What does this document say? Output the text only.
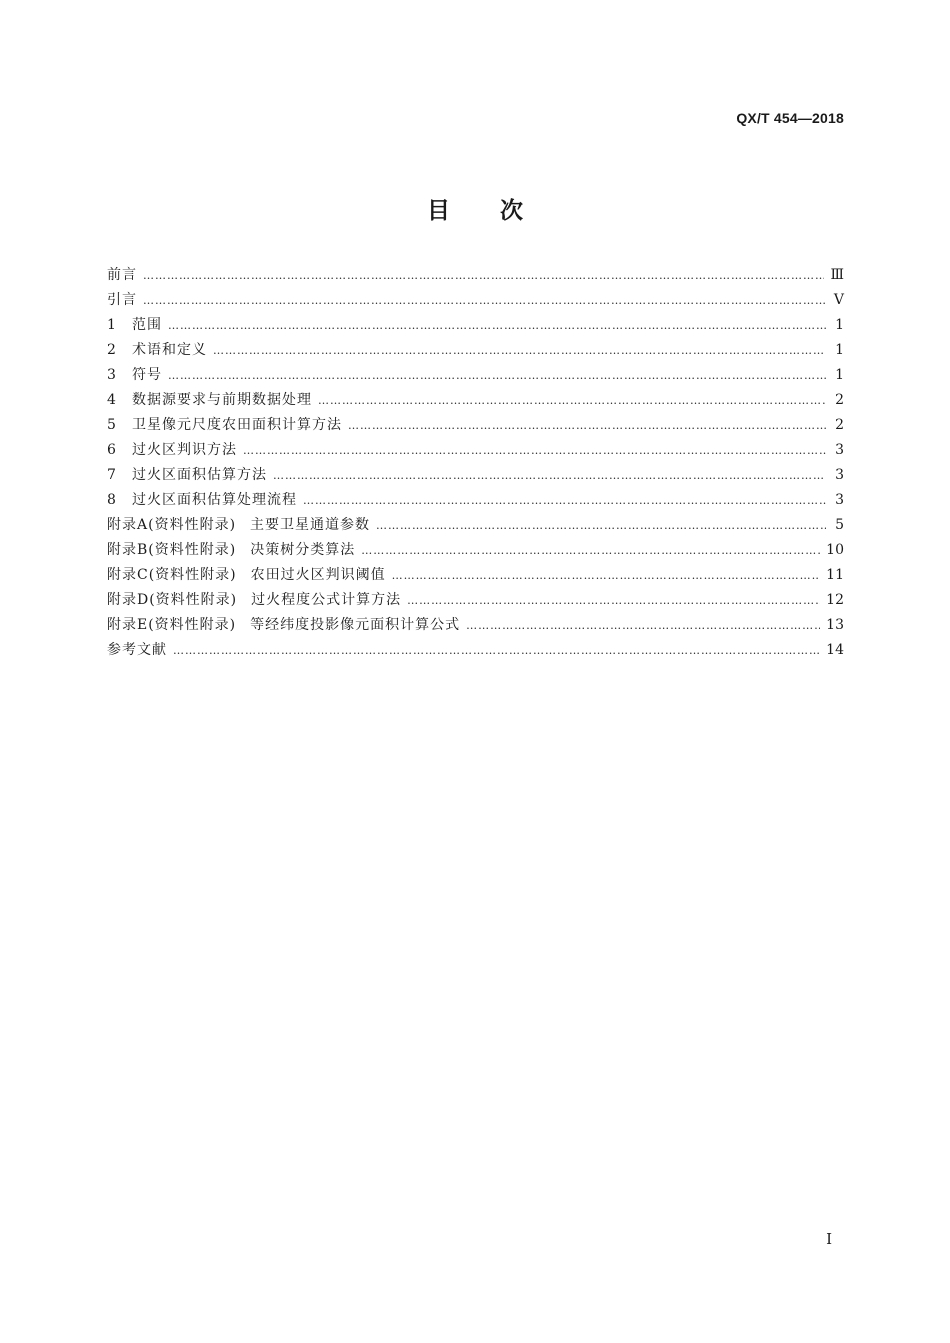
QX/T 454—2018
目次
前言 ……………………………………………………………………………………………………………………………………………………………………………………………………………………	Ⅲ
引言 ……………………………………………………………………………………………………………………………………………………………………………………………………………………	Ⅴ
1	范围 ……………………………………………………………………………………………………………………………………………………………………………………………………………………	1
2	术语和定义 ……………………………………………………………………………………………………………………………………………………………………………………………………………………	1
3	符号 ……………………………………………………………………………………………………………………………………………………………………………………………………………………	1
4	数据源要求与前期数据处理 ……………………………………………………………………………………………………………………………………………………………………………………………………………………	2
5	卫星像元尺度农田面积计算方法 ……………………………………………………………………………………………………………………………………………………………………………………………………………………	2
6	过火区判识方法 ……………………………………………………………………………………………………………………………………………………………………………………………………………………	3
7	过火区面积估算方法 ……………………………………………………………………………………………………………………………………………………………………………………………………………………	3
8	过火区面积估算处理流程 ……………………………………………………………………………………………………………………………………………………………………………………………………………………	3
附录A(资料性附录) 主要卫星通道参数 ……………………………………………………………………………………………………………………………………………………………………………………………………………………	5
附录B(资料性附录) 决策树分类算法 ……………………………………………………………………………………………………………………………………………………………………………………………………………………	10
附录C(资料性附录) 农田过火区判识阈值 ……………………………………………………………………………………………………………………………………………………………………………………………………………………	11
附录D(资料性附录) 过火程度公式计算方法 ……………………………………………………………………………………………………………………………………………………………………………………………………………………	12
附录E(资料性附录) 等经纬度投影像元面积计算公式 ……………………………………………………………………………………………………………………………………………………………………………………………………………………	13
参考文献 ……………………………………………………………………………………………………………………………………………………………………………………………………………………	14
I
